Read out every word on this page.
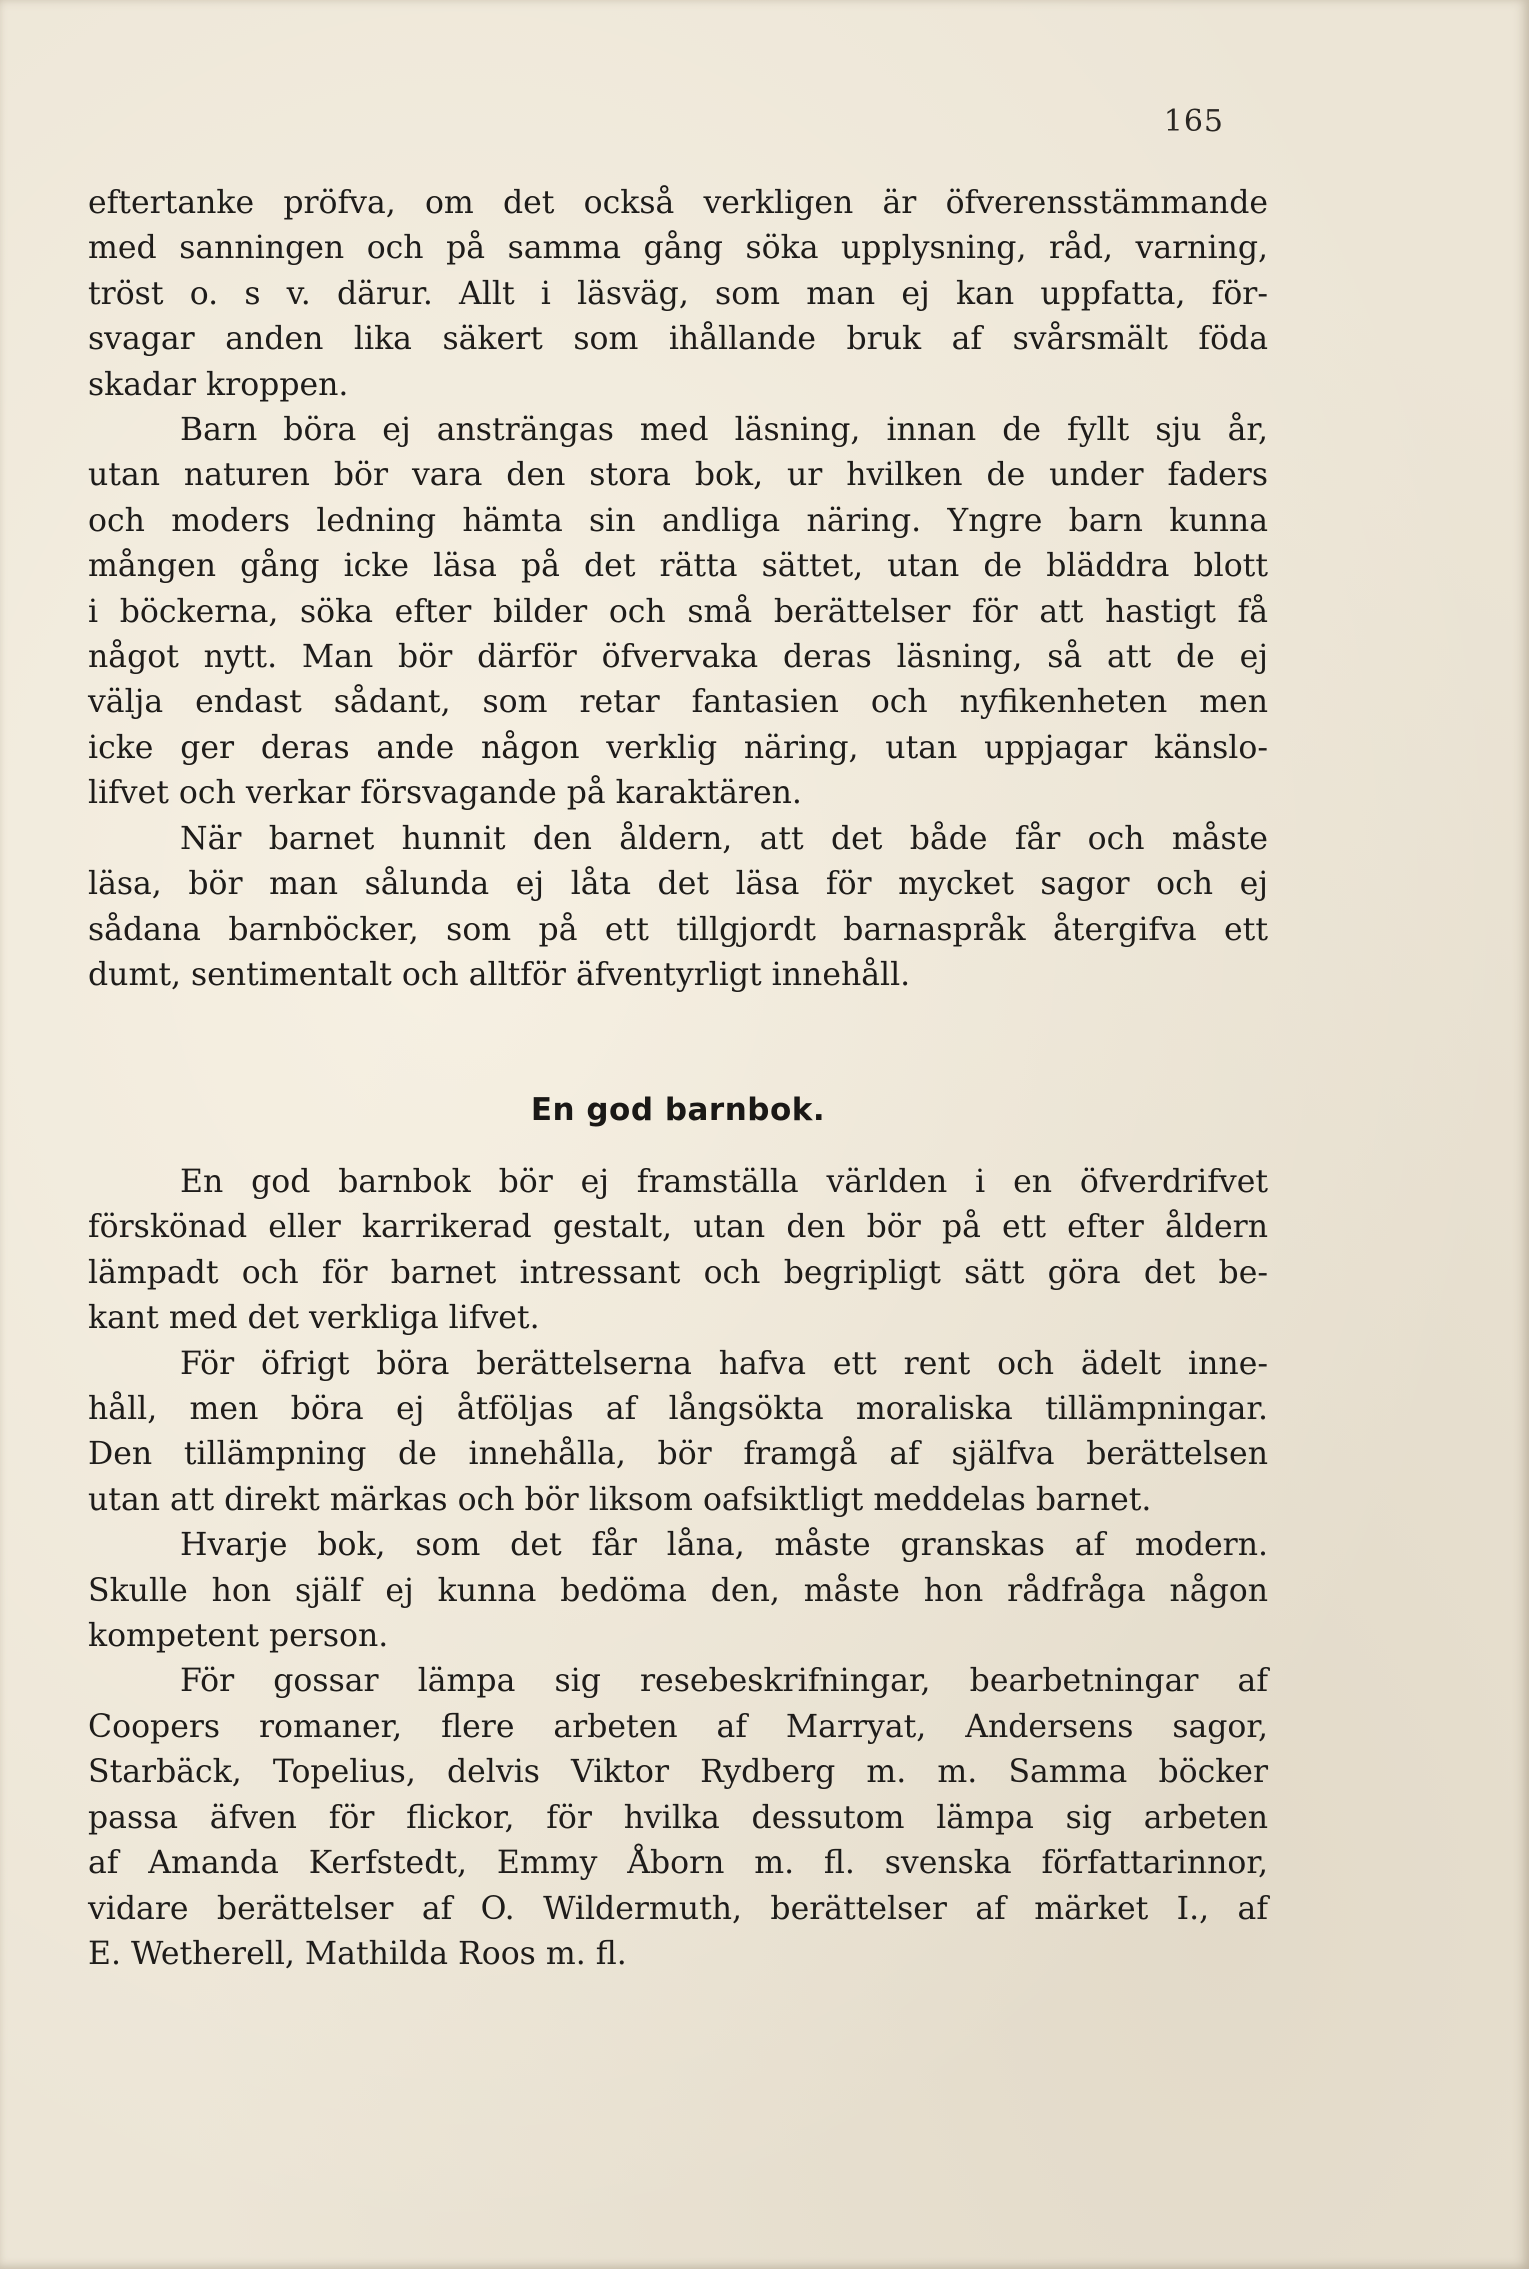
165

eftertanke pröfva, om det också verkligen är öfverensstämmande
med sanningen och på samma gång söka upplysning, råd, varning,
tröst o. s v. därur. Allt i läsväg, som man ej kan uppfatta, för-
svagar anden lika säkert som ihållande bruk af svårsmält föda

skadar kroppen.

Barn böra ej ansträngas med läsning, innan de fyllt sju år,
utan naturen bör vara den stora bok, ur hvilken de under faders
och moders ledning hämta sin andliga näring. Yngre barn kunna
mången gång icke läsa på det rätta sättet, utan de bläddra blott
i böckerna, söka efter bilder och små berättelser för att hastigt få
något nytt. Man bör därför öfvervaka deras läsning, så att de ej
välja endast sådant, som retar fantasien och nyfikenheten men
icke ger deras ande någon verklig näring, utan uppjagar känslo-

lifvet och verkar försvagande på karaktären.

När barnet hunnit den åldern, att det både får och måste
läsa, bör man sålunda ej låta det läsa för mycket sagor och ej
sådana barnböcker, som på ett tillgjordt barnaspråk återgifva ett

dumt, sentimentalt och alltför äfventyrligt innehåll.

En god barnbok.

En god barnbok bör ej framställa världen i en öfverdrifvet
förskönad eller karrikerad gestalt, utan den bör på ett efter åldern
lämpadt och för barnet intressant och begripligt sätt göra det be-

kant med det verkliga lifvet.

För öfrigt böra berättelserna hafva ett rent och ädelt inne-
håll, men böra ej åtföljas af långsökta moraliska tillämpningar.
Den tillämpning de innehålla, bör framgå af själfva berättelsen

utan att direkt märkas och bör liksom oafsiktligt meddelas barnet.

Hvarje bok, som det får låna, måste granskas af modern.
Skulle hon själf ej kunna bedöma den, måste hon rådfråga någon

kompetent person.

För gossar lämpa sig resebeskrifningar, bearbetningar af
Coopers romaner, flere arbeten af Marryat, Andersens sagor,
Starbäck, Topelius, delvis Viktor Rydberg m. m. Samma böcker
passa äfven för flickor, för hvilka dessutom lämpa sig arbeten
af Amanda Kerfstedt, Emmy Åborn m. fl. svenska författarinnor,
vidare berättelser af O. Wildermuth, berättelser af märket I., af

E. Wetherell, Mathilda Roos m. fl.
